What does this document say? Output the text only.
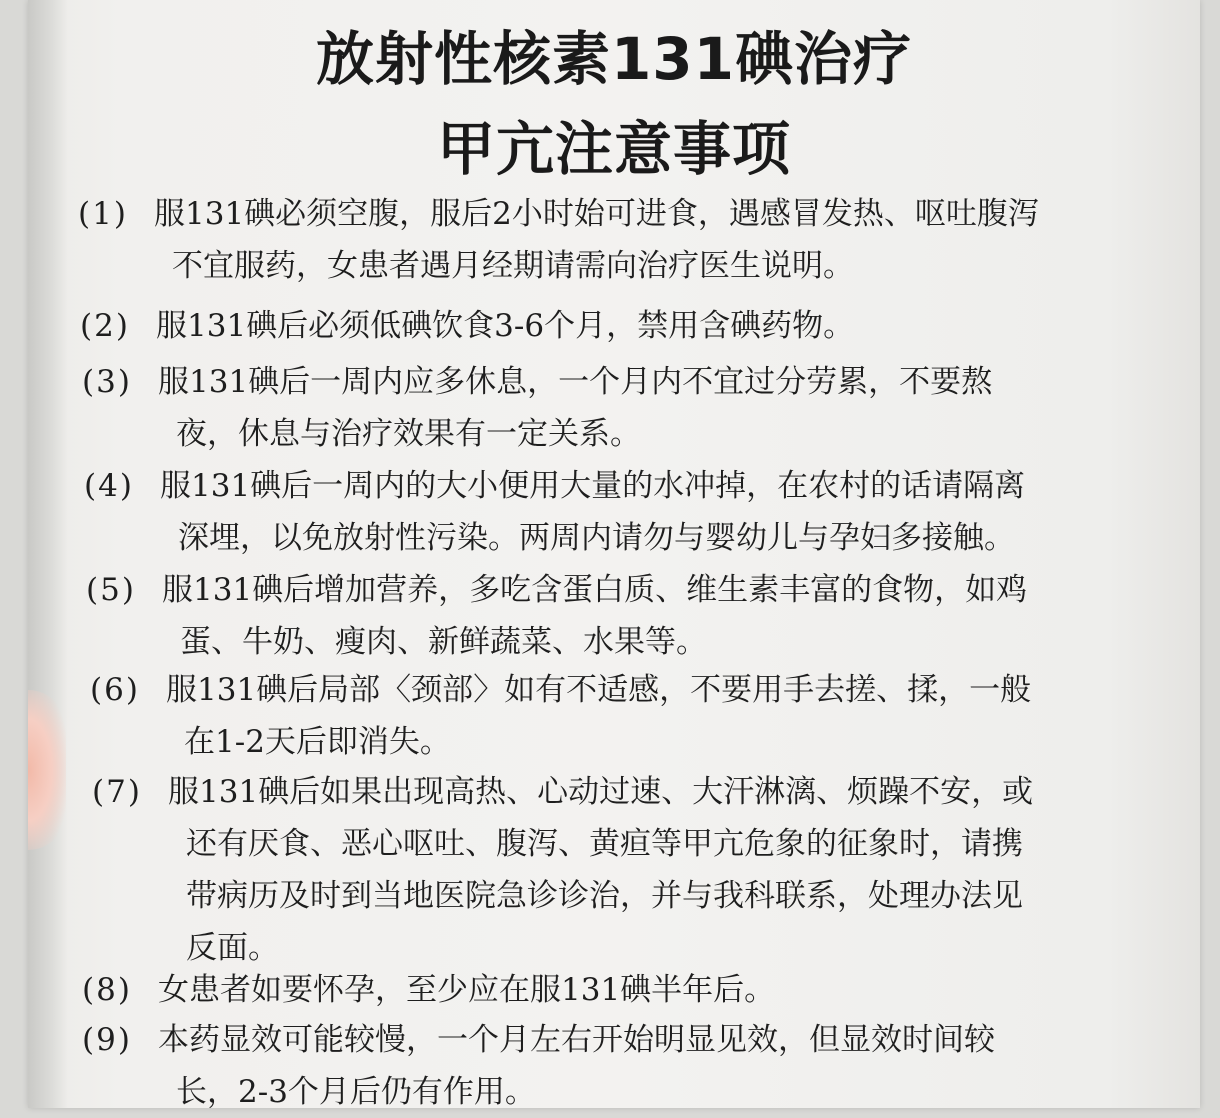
放射性核素131碘治疗
甲亢注意事项
(1) 服131碘必须空腹，服后2小时始可进食，遇感冒发热、呕吐腹泻
不宜服药，女患者遇月经期请需向治疗医生说明。
(2) 服131碘后必须低碘饮食3-6个月，禁用含碘药物。
(3) 服131碘后一周内应多休息，一个月内不宜过分劳累，不要熬
夜，休息与治疗效果有一定关系。
(4) 服131碘后一周内的大小便用大量的水冲掉，在农村的话请隔离
深埋，以免放射性污染。两周内请勿与婴幼儿与孕妇多接触。
(5) 服131碘后增加营养，多吃含蛋白质、维生素丰富的食物，如鸡
蛋、牛奶、瘦肉、新鲜蔬菜、水果等。
(6) 服131碘后局部〈颈部〉如有不适感，不要用手去搓、揉，一般
在1-2天后即消失。
(7) 服131碘后如果出现高热、心动过速、大汗淋漓、烦躁不安，或
还有厌食、恶心呕吐、腹泻、黄疸等甲亢危象的征象时，请携
带病历及时到当地医院急诊诊治，并与我科联系，处理办法见
反面。
(8) 女患者如要怀孕，至少应在服131碘半年后。
(9) 本药显效可能较慢，一个月左右开始明显见效，但显效时间较
长，2-3个月后仍有作用。
